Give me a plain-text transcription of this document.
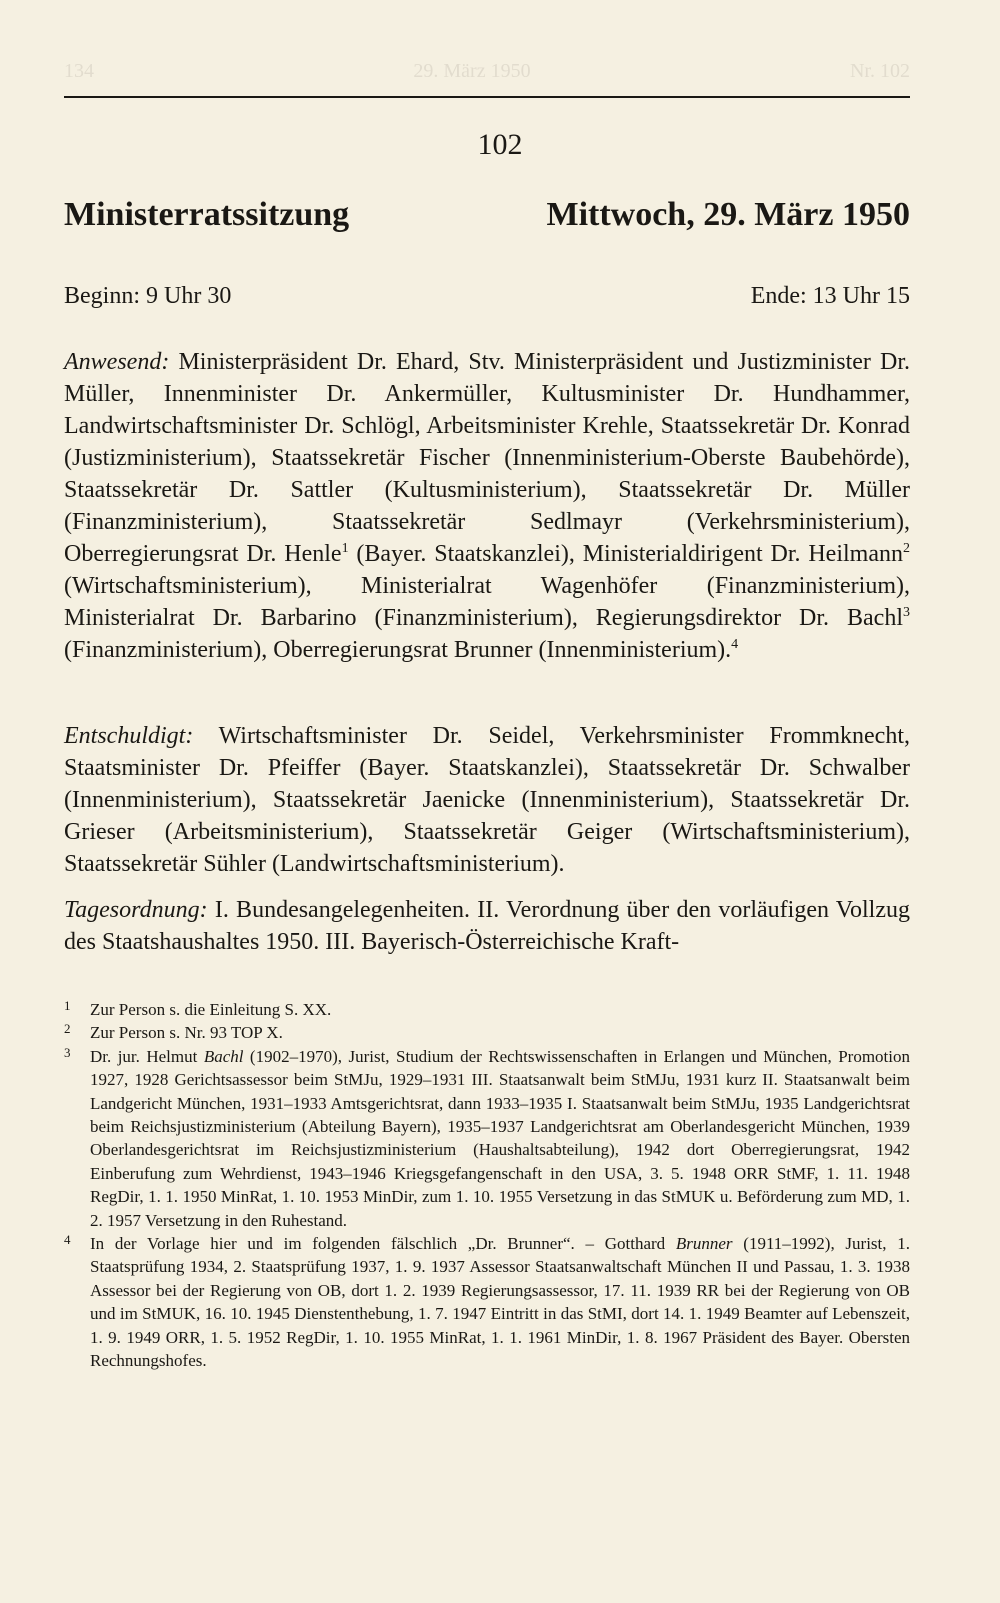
134	29. März 1950	Nr. 102
102
Ministerratssitzung	Mittwoch, 29. März 1950
Beginn: 9 Uhr 30	Ende: 13 Uhr 15
Anwesend: Ministerpräsident Dr. Ehard, Stv. Ministerpräsident und Justizminister Dr. Müller, Innenminister Dr. Ankermüller, Kultusminister Dr. Hundhammer, Landwirtschaftsminister Dr. Schlögl, Arbeitsminister Krehle, Staatssekretär Dr. Konrad (Justizministerium), Staatssekretär Fischer (Innenministerium-Oberste Baubehörde), Staatssekretär Dr. Sattler (Kultusministerium), Staatssekretär Dr. Müller (Finanzministerium), Staatssekretär Sedlmayr (Verkehrsministerium), Oberregierungsrat Dr. Henle$^1$ (Bayer. Staatskanzlei), Ministerialdirigent Dr. Heilmann$^2$ (Wirtschaftsministerium), Ministerialrat Wagenhöfer (Finanzministerium), Ministerialrat Dr. Barbarino (Finanzministerium), Regierungsdirektor Dr. Bachl$^3$ (Finanzministerium), Oberregierungsrat Brunner (Innenministerium).$^4$
Entschuldigt: Wirtschaftsminister Dr. Seidel, Verkehrsminister Frommknecht, Staatsminister Dr. Pfeiffer (Bayer. Staatskanzlei), Staatssekretär Dr. Schwalber (Innenministerium), Staatssekretär Jaenicke (Innenministerium), Staatssekretär Dr. Grieser (Arbeitsministerium), Staatssekretär Geiger (Wirtschaftsministerium), Staatssekretär Sühler (Landwirtschaftsministerium).
Tagesordnung: I. Bundesangelegenheiten. II. Verordnung über den vorläufigen Vollzug des Staatshaushaltes 1950. III. Bayerisch-Österreichische Kraft-
1	Zur Person s. die Einleitung S. XX.
2	Zur Person s. Nr. 93 TOP X.
3	Dr. jur. Helmut Bachl (1902–1970), Jurist, Studium der Rechtswissenschaften in Erlangen und München, Promotion 1927, 1928 Gerichtsassessor beim StMJu, 1929–1931 III. Staatsanwalt beim StMJu, 1931 kurz II. Staatsanwalt beim Landgericht München, 1931–1933 Amtsgerichtsrat, dann 1933–1935 I. Staatsanwalt beim StMJu, 1935 Landgerichtsrat beim Reichsjustizministerium (Abteilung Bayern), 1935–1937 Landgerichtsrat am Oberlandesgericht München, 1939 Oberlandesgerichtsrat im Reichsjustizministerium (Haushaltsabteilung), 1942 dort Oberregierungsrat, 1942 Einberufung zum Wehrdienst, 1943–1946 Kriegsgefangenschaft in den USA, 3. 5. 1948 ORR StMF, 1. 11. 1948 RegDir, 1. 1. 1950 MinRat, 1. 10. 1953 MinDir, zum 1. 10. 1955 Versetzung in das StMUK u. Beförderung zum MD, 1. 2. 1957 Versetzung in den Ruhestand.
4	In der Vorlage hier und im folgenden fälschlich „Dr. Brunner“. – Gotthard Brunner (1911–1992), Jurist, 1. Staatsprüfung 1934, 2. Staatsprüfung 1937, 1. 9. 1937 Assessor Staatsanwaltschaft München II und Passau, 1. 3. 1938 Assessor bei der Regierung von OB, dort 1. 2. 1939 Regierungsassessor, 17. 11. 1939 RR bei der Regierung von OB und im StMUK, 16. 10. 1945 Dienstenthebung, 1. 7. 1947 Eintritt in das StMI, dort 14. 1. 1949 Beamter auf Lebenszeit, 1. 9. 1949 ORR, 1. 5. 1952 RegDir, 1. 10. 1955 MinRat, 1. 1. 1961 MinDir, 1. 8. 1967 Präsident des Bayer. Obersten Rechnungshofes.
